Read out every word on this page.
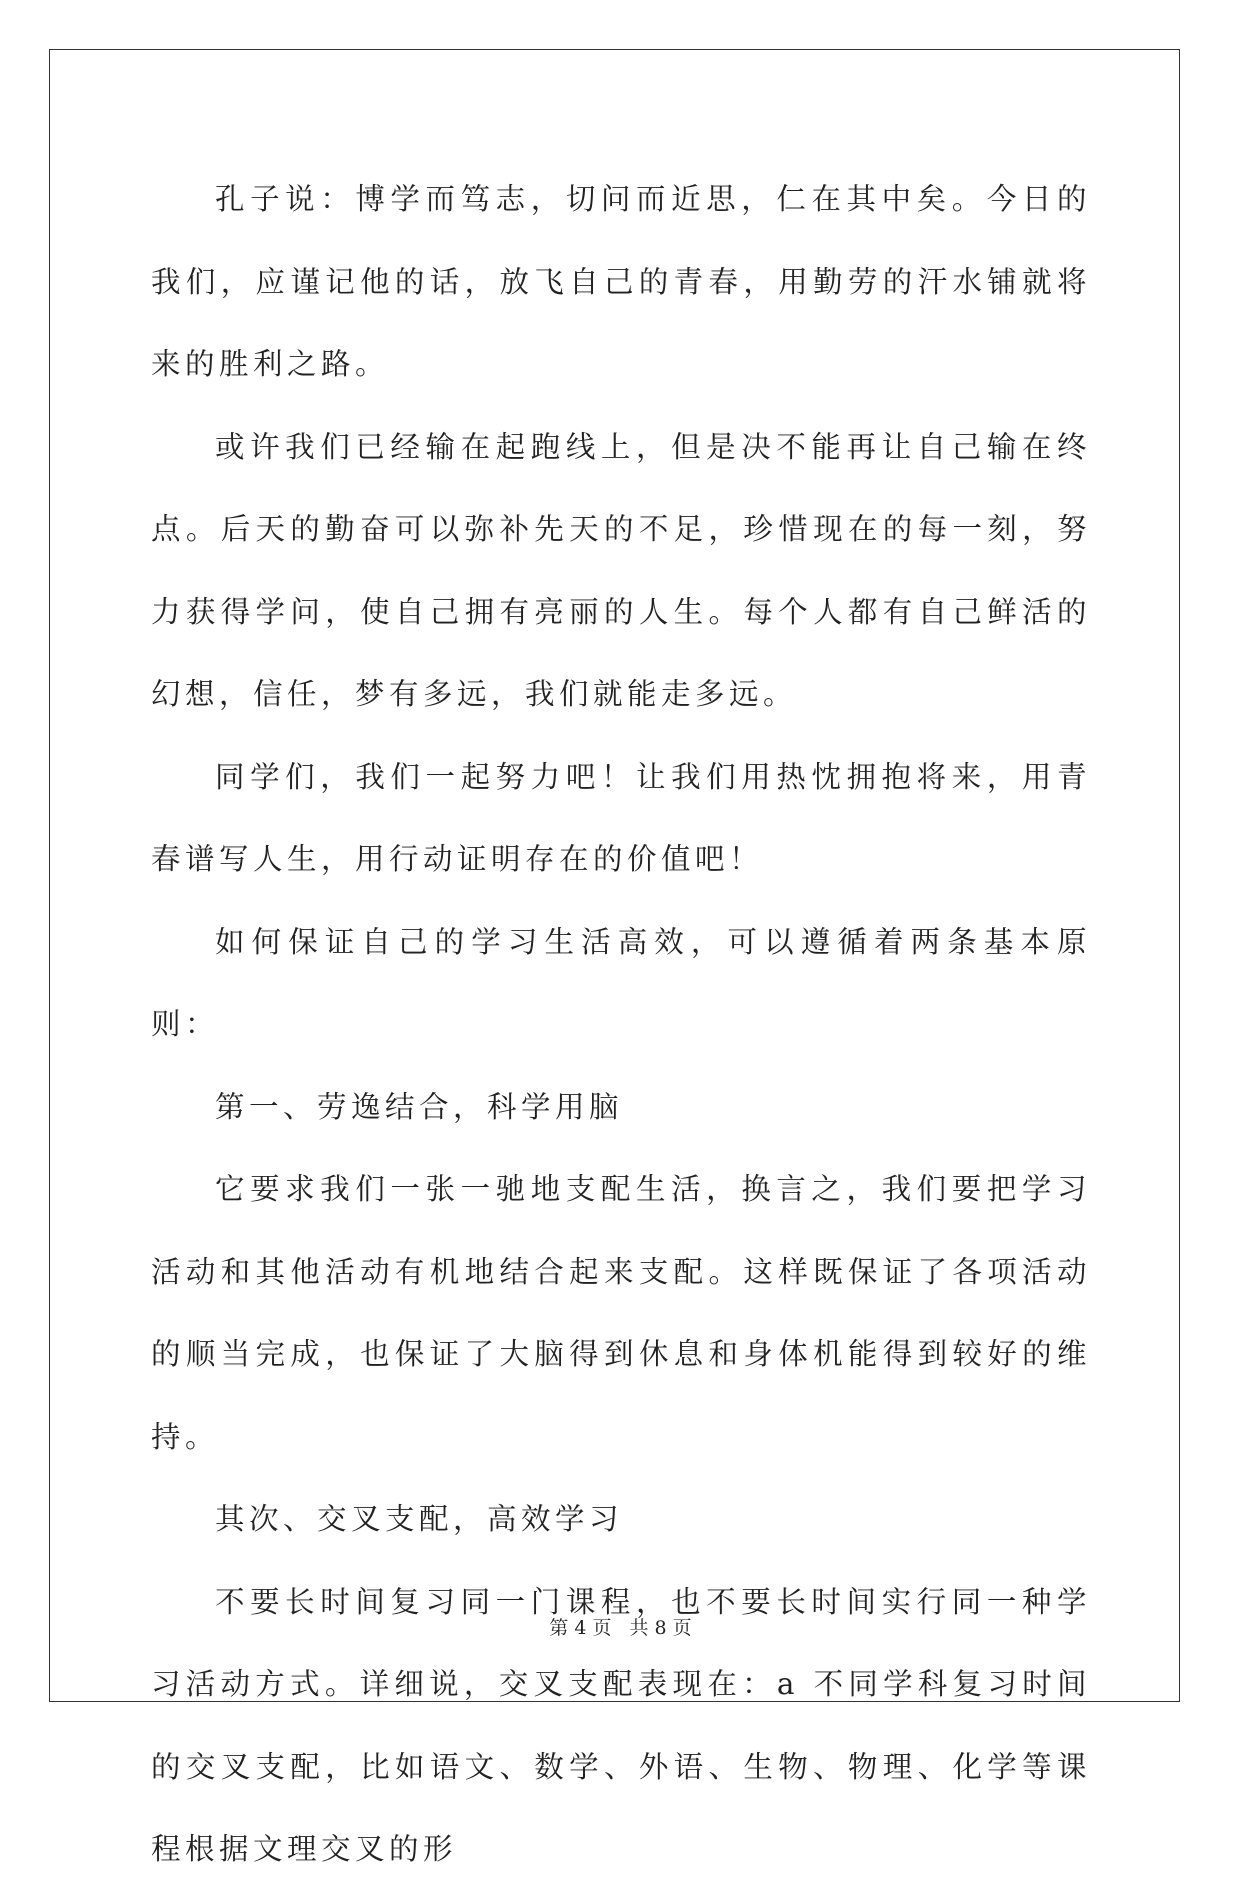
孔子说：博学而笃志，切问而近思，仁在其中矣。今日的我们，应谨记他的话，放飞自己的青春，用勤劳的汗水铺就将来的胜利之路。

或许我们已经输在起跑线上，但是决不能再让自己输在终点。后天的勤奋可以弥补先天的不足，珍惜现在的每一刻，努力获得学问，使自己拥有亮丽的人生。每个人都有自己鲜活的幻想，信任，梦有多远，我们就能走多远。

同学们，我们一起努力吧！让我们用热忱拥抱将来，用青春谱写人生，用行动证明存在的价值吧！

如何保证自己的学习生活高效，可以遵循着两条基本原则：

第一、劳逸结合，科学用脑

它要求我们一张一驰地支配生活，换言之，我们要把学习活动和其他活动有机地结合起来支配。这样既保证了各项活动的顺当完成，也保证了大脑得到休息和身体机能得到较好的维持。

其次、交叉支配，高效学习

不要长时间复习同一门课程，也不要长时间实行同一种学习活动方式。详细说，交叉支配表现在：a 不同学科复习时间的交叉支配，比如语文、数学、外语、生物、物理、化学等课程根据文理交叉的形

第 4 页 共 8 页
